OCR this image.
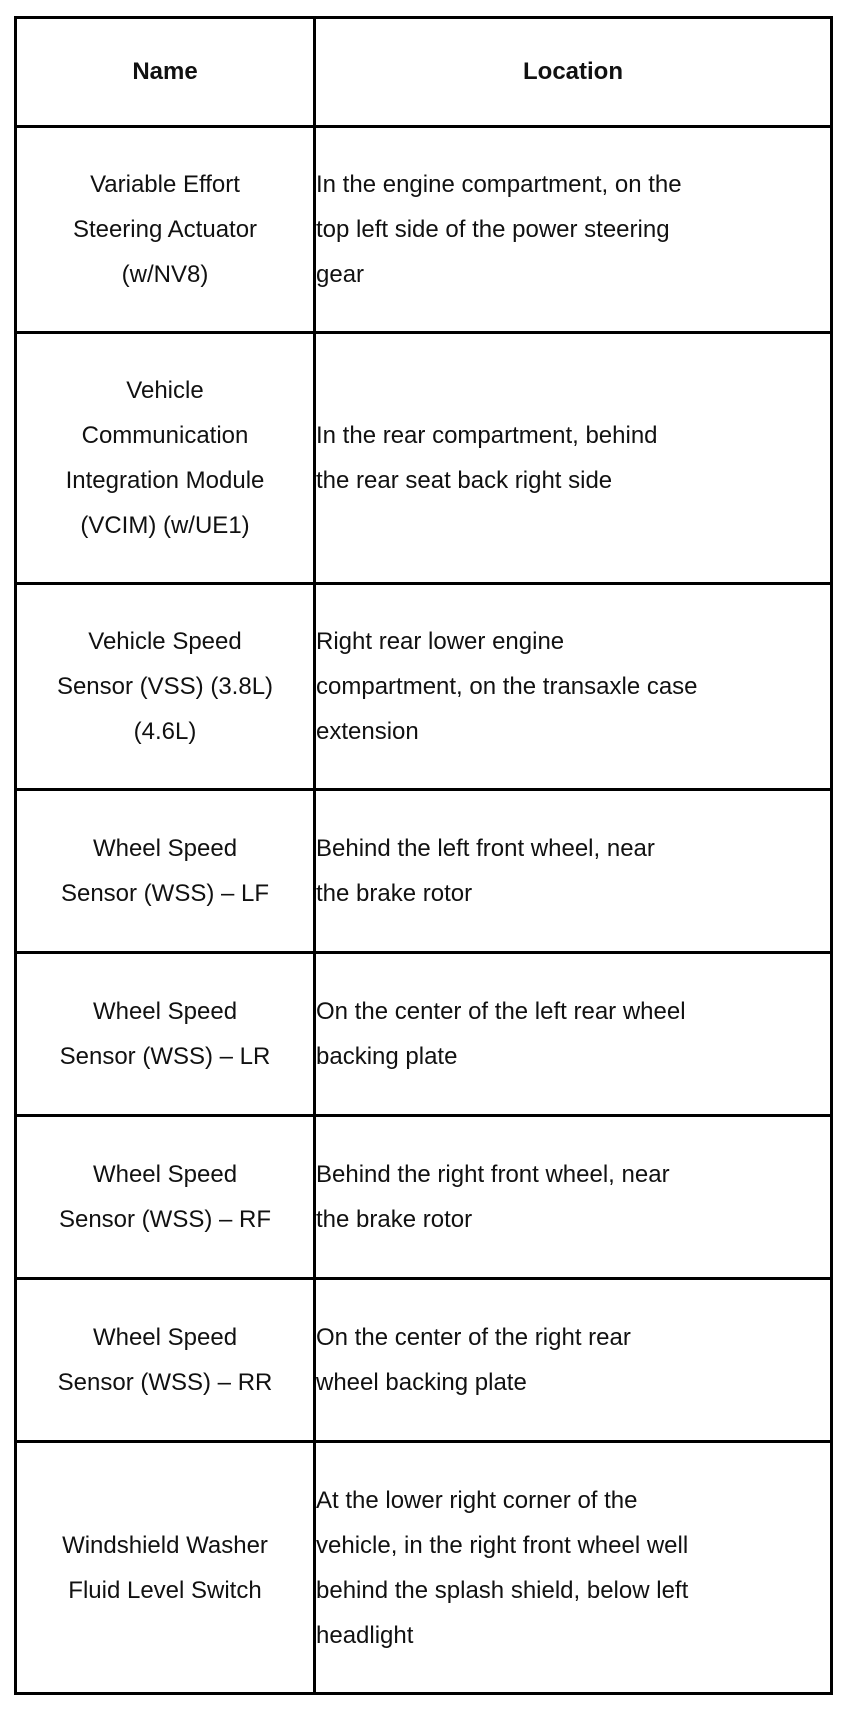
Name	Location

Variable Effort
Steering Actuator
(w/NV8)	In the engine compartment, on the
top left side of the power steering
gear

Vehicle
Communication
Integration Module
(VCIM) (w/UE1)	In the rear compartment, behind
the rear seat back right side

Vehicle Speed
Sensor (VSS) (3.8L)
(4.6L)	Right rear lower engine
compartment, on the transaxle case
extension

Wheel Speed
Sensor (WSS) – LF	Behind the left front wheel, near
the brake rotor

Wheel Speed
Sensor (WSS) – LR	On the center of the left rear wheel
backing plate

Wheel Speed
Sensor (WSS) – RF	Behind the right front wheel, near
the brake rotor

Wheel Speed
Sensor (WSS) – RR	On the center of the right rear
wheel backing plate

Windshield Washer
Fluid Level Switch	At the lower right corner of the
vehicle, in the right front wheel well
behind the splash shield, below left
headlight
